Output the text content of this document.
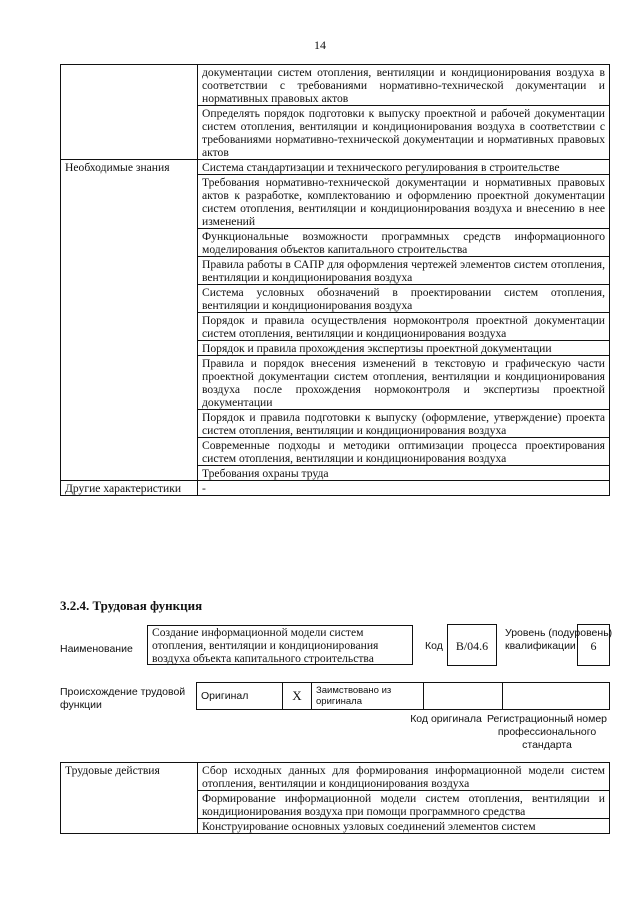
14
	документации систем отопления, вентиляции и кондиционирования воздуха в соответствии с требованиями нормативно-технической документации и нормативных правовых актов
	Определять порядок подготовки к выпуску проектной и рабочей документации систем отопления, вентиляции и кондиционирования воздуха в соответствии с требованиями нормативно-технической документации и нормативных правовых актов
Необходимые знания	Система стандартизации и технического регулирования в строительстве
	Требования нормативно-технической документации и нормативных правовых актов к разработке, комплектованию и оформлению проектной документации систем отопления, вентиляции и кондиционирования воздуха и внесению в нее изменений
	Функциональные возможности программных средств информационного моделирования объектов капитального строительства
	Правила работы в САПР для оформления чертежей элементов систем отопления, вентиляции и кондиционирования воздуха
	Система условных обозначений в проектировании систем отопления, вентиляции и кондиционирования воздуха
	Порядок и правила осуществления нормоконтроля проектной документации систем отопления, вентиляции и кондиционирования воздуха
	Порядок и правила прохождения экспертизы проектной документации
	Правила и порядок внесения изменений в текстовую и графическую части проектной документации систем отопления, вентиляции и кондиционирования воздуха после прохождения нормоконтроля и экспертизы проектной документации
	Порядок и правила подготовки к выпуску (оформление, утверждение) проекта систем отопления, вентиляции и кондиционирования воздуха
	Современные подходы и методики оптимизации процесса проектирования систем отопления, вентиляции и кондиционирования воздуха
	Требования охраны труда
Другие характеристики	-
3.2.4. Трудовая функция
Наименование
Создание информационной модели систем отопления, вентиляции и кондиционирования воздуха объекта капитального строительства
Код	B/04.6
Уровень (подуровень) квалификации	6
Происхождение трудовой функции
Оригинал	X	Заимствовано из оригинала		
Код оригинала Регистрационный номер профессионального стандарта
Трудовые действия	Сбор исходных данных для формирования информационной модели систем отопления, вентиляции и кондиционирования воздуха
	Формирование информационной модели систем отопления, вентиляции и кондиционирования воздуха при помощи программного средства
	Конструирование основных узловых соединений элементов систем
